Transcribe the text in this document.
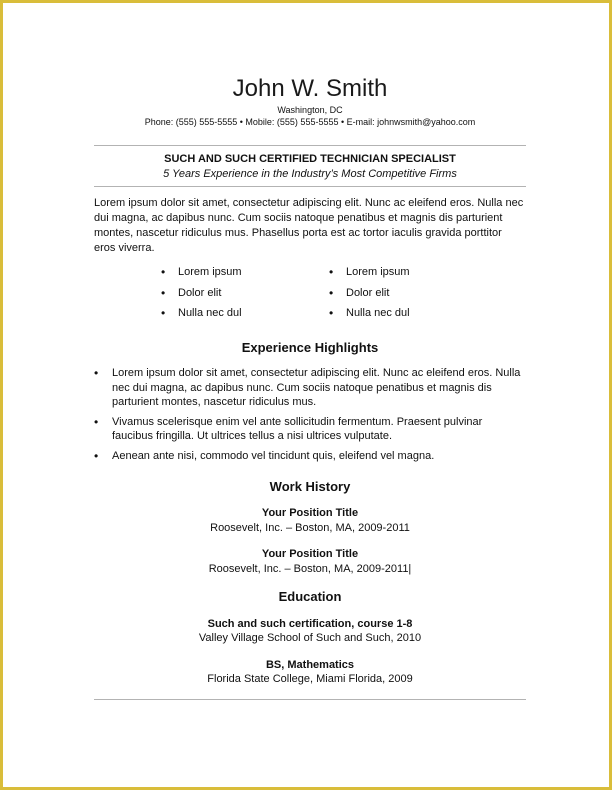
John W. Smith
Washington, DC
Phone: (555) 555-5555 • Mobile: (555) 555-5555 • E-mail: johnwsmith@yahoo.com
SUCH AND SUCH CERTIFIED TECHNICIAN SPECIALIST
5 Years Experience in the Industry’s Most Competitive Firms

Lorem ipsum dolor sit amet, consectetur adipiscing elit. Nunc ac eleifend eros. Nulla nec dui magna, ac dapibus nunc. Cum sociis natoque penatibus et magnis dis parturient montes, nascetur ridiculus mus. Phasellus porta est ac tortor iaculis gravida porttitor eros viverra.

• Lorem ipsum
• Dolor elit
• Nulla nec dul
• Lorem ipsum
• Dolor elit
• Nulla nec dul
Experience Highlights
• Lorem ipsum dolor sit amet, consectetur adipiscing elit. Nunc ac eleifend eros. Nulla nec dui magna, ac dapibus nunc. Cum sociis natoque penatibus et magnis dis parturient montes, nascetur ridiculus mus.
• Vivamus scelerisque enim vel ante sollicitudin fermentum. Praesent pulvinar faucibus fringilla. Ut ultrices tellus a nisi ultrices vulputate.
• Aenean ante nisi, commodo vel tincidunt quis, eleifend vel magna.
Work History
Your Position Title
Roosevelt, Inc. – Boston, MA, 2009-2011
Your Position Title
Roosevelt, Inc. – Boston, MA, 2009-2011|
Education
Such and such certification, course 1-8
Valley Village School of Such and Such, 2010
BS, Mathematics
Florida State College, Miami Florida, 2009
